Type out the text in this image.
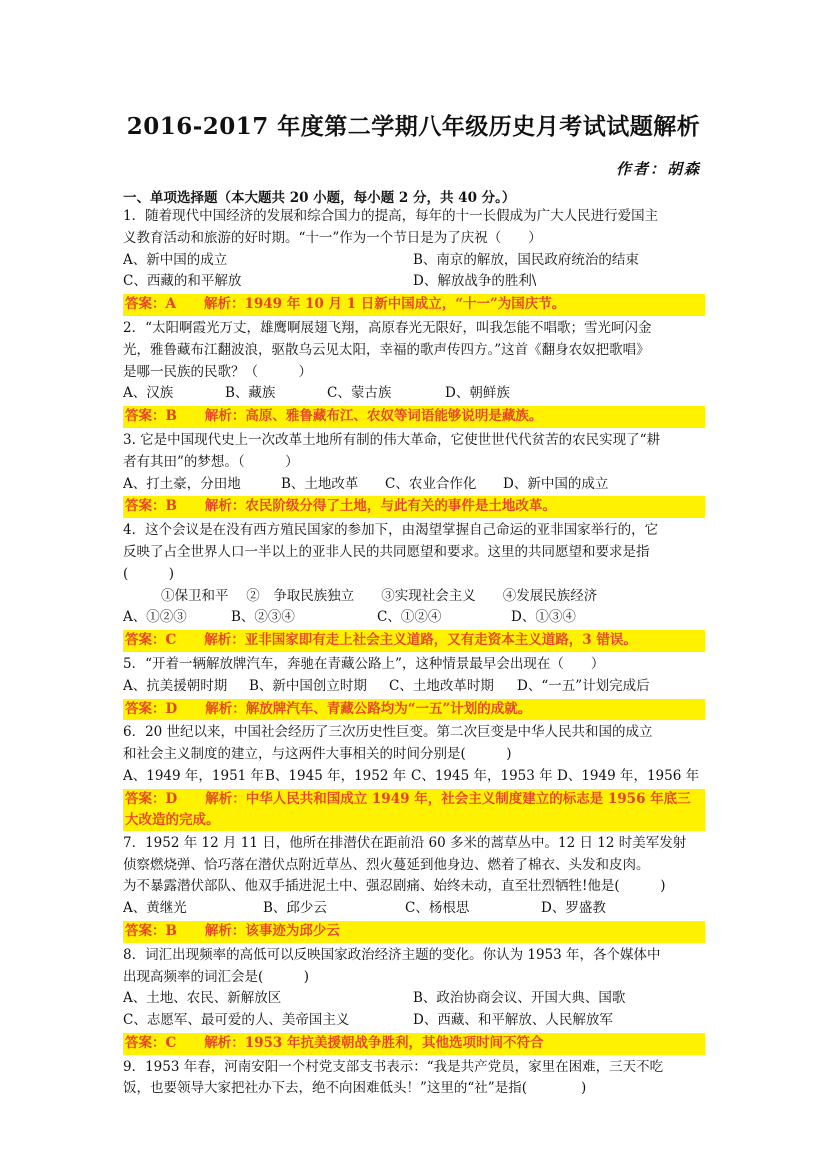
2016-2017 年度第二学期八年级历史月考试试题解析
作者：胡森
一、单项选择题（本大题共 20 小题，每小题 2 分，共 40 分。）
1．随着现代中国经济的发展和综合国力的提高，每年的十一长假成为广大人民进行爱国主
义教育活动和旅游的好时期。“十一”作为一个节日是为了庆祝（　　）
A、新中国的成立	B、南京的解放，国民政府统治的结束
C、西藏的和平解放	D、解放战争的胜利\
答案：A 解析：1949 年 10 月 1 日新中国成立，“十一”为国庆节。
2．“太阳啊霞光万丈，雄鹰啊展翅飞翔，高原春光无限好，叫我怎能不唱歌；雪光呵闪金
光，雅鲁藏布江翻波浪，驱散乌云见太阳，幸福的歌声传四方。”这首《翻身农奴把歌唱》
是哪一民族的民歌？（　　　）
A、汉族	B、藏族	C、蒙古族	D、朝鲜族
答案：B 解析：高原、雅鲁藏布江、农奴等词语能够说明是藏族。
3. 它是中国现代史上一次改革土地所有制的伟大革命，它使世世代代贫苦的农民实现了“耕
者有其田”的梦想。（　　　）
A、打土豪，分田地	B、土地改革	C、农业合作化	D、新中国的成立
答案：B 解析：农民阶级分得了土地，与此有关的事件是土地改革。
4．这个会议是在没有西方殖民国家的参加下，由渴望掌握自己命运的亚非国家举行的，它
反映了占全世界人口一半以上的亚非人民的共同愿望和要求。这里的共同愿望和要求是指
(　　　)
①保卫和平　 ②　争取民族独立　　③实现社会主义　　④发展民族经济
A、①②③	B、②③④	C、①②④	D、①③④
答案：C 解析：亚非国家即有走上社会主义道路，又有走资本主义道路，3 错误。
5．“开着一辆解放牌汽车，奔驰在青藏公路上”，这种情景最早会出现在（　　）
A、抗美援朝时期	B、新中国创立时期	C、土地改革时期	D、“一五”计划完成后
答案：D 解析：解放牌汽车、青藏公路均为“一五”计划的成就。
6．20 世纪以来，中国社会经历了三次历史性巨变。第二次巨变是中华人民共和国的成立
和社会主义制度的建立，与这两件大事相关的时间分别是(　　　)
A、1949 年，1951 年 B、1945 年，1952 年 C、1945 年，1953 年 D、1949 年，1956 年
答案：D 解析：中华人民共和国成立 1949 年，社会主义制度建立的标志是 1956 年底三大改造的完成。
7．1952 年 12 月 11 日，他所在排潜伏在距前沿 60 多米的蒿草丛中。12 日 12 时美军发射
侦察燃烧弹、恰巧落在潜伏点附近草丛、烈火蔓延到他身边、燃着了棉衣、头发和皮肉。
为不暴露潜伏部队、他双手插进泥土中、强忍剧痛、始终未动，直至壮烈牺牲!他是(　　　)
A、黄继光	B、邱少云	C、杨根思	D、罗盛教
答案：B 解析：该事迹为邱少云
8．词汇出现频率的高低可以反映国家政治经济主题的变化。你认为 1953 年，各个媒体中
出现高频率的词汇会是(　　　)
A、土地、农民、新解放区	B、政治协商会议、开国大典、国歌
C、志愿军、最可爱的人、美帝国主义	D、西藏、和平解放、人民解放军
答案：C 解析：1953 年抗美援朝战争胜利，其他选项时间不符合
9．1953 年春，河南安阳一个村党支部支书表示：“我是共产党员，家里在困难，三天不吃
饭，也要领导大家把社办下去，绝不向困难低头！”这里的“社”是指(　　　　)
